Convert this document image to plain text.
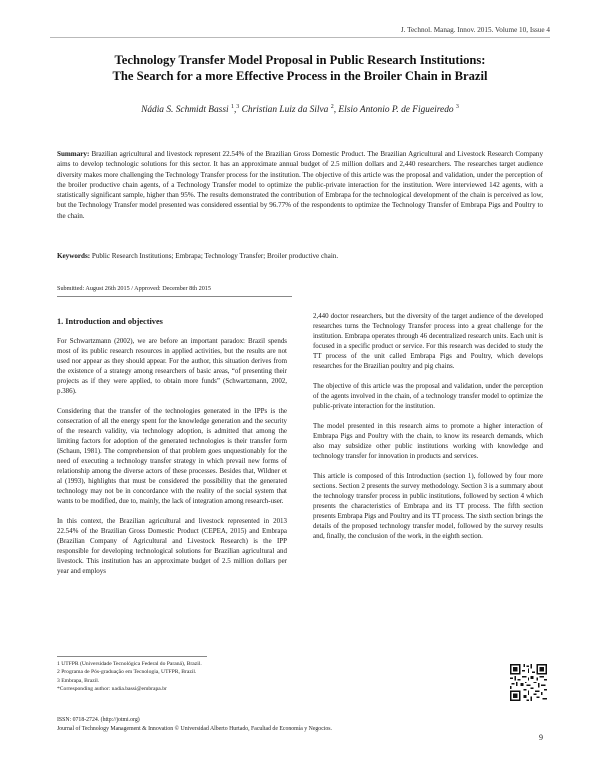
J. Technol. Manag. Innov. 2015. Volume 10, Issue 4
Technology Transfer Model Proposal in Public Research Institutions:
The Search for a more Effective Process in the Broiler Chain in Brazil
Nádia S. Schmidt Bassi $^1$,$^3$ Christian Luiz da Silva $^2$, Elsio Antonio P. de Figueiredo $^3$
Summary: Brazilian agricultural and livestock represent 22.54% of the Brazilian Gross Domestic Product. The Brazilian Agricultural and Livestock Research Company aims to develop technologic solutions for this sector. It has an approximate annual budget of 2.5 million dollars and 2,440 researchers. The researches target audience diversity makes more challenging the Technology Transfer process for the institution. The objective of this article was the proposal and validation, under the perception of the broiler productive chain agents, of a Technology Transfer model to optimize the public-private interaction for the institution. Were interviewed 142 agents, with a statistically significant sample, higher than 95%. The results demonstrated the contribution of Embrapa for the technological development of the chain is perceived as low, but the Technology Transfer model presented was considered essential by 96.77% of the respondents to optimize the Technology Transfer of Embrapa Pigs and Poultry to the chain.
Keywords: Public Research Institutions; Embrapa; Technology Transfer; Broiler productive chain.
Submitted: August 26th 2015 / Approved: December 8th 2015
1. Introduction and objectives

For Schwartzmann (2002), we are before an important paradox: Brazil spends most of its public research resources in applied activities, but the results are not used nor appear as they should appear. For the author, this situation derives from the existence of a strategy among researchers of basic areas, “of presenting their projects as if they were applied, to obtain more funds” (Schwartzmann, 2002, p.386).

Considering that the transfer of the technologies generated in the IPPs is the consecration of all the energy spent for the knowledge generation and the security of the research validity, via technology adoption, is admitted that among the limiting factors for adoption of the generated technologies is their transfer form (Schaun, 1981). The comprehension of that problem goes unquestionably for the need of executing a technology transfer strategy in which prevail new forms of relationship among the diverse actors of these processes. Besides that, Wildner et al (1993), highlights that must be considered the possibility that the generated technology may not be in concordance with the reality of the social system that wants to be modified, due to, mainly, the lack of integration among research-user.

In this context, the Brazilian agricultural and livestock represented in 2013 22.54% of the Brazilian Gross Domestic Product (CEPEA, 2015) and Embrapa (Brazilian Company of Agricultural and Livestock Research) is the IPP responsible for developing technological solutions for Brazilian agricultural and livestock. This institution has an approximate budget of 2.5 million dollars per year and employs

2,440 doctor researchers, but the diversity of the target audience of the developed researches turns the Technology Transfer process into a great challenge for the institution. Embrapa operates through 46 decentralized research units. Each unit is focused in a specific product or service. For this research was decided to study the TT process of the unit called Embrapa Pigs and Poultry, which develops researches for the Brazilian poultry and pig chains.

The objective of this article was the proposal and validation, under the perception of the agents involved in the chain, of a technology transfer model to optimize the public-private interaction for the institution.

The model presented in this research aims to promote a higher interaction of Embrapa Pigs and Poultry with the chain, to know its research demands, which also may subsidize other public institutions working with knowledge and technology transfer for innovation in products and services.

This article is composed of this Introduction (section 1), followed by four more sections. Section 2 presents the survey methodology. Section 3 is a summary about the technology transfer process in public institutions, followed by section 4 which presents the characteristics of Embrapa and its TT process. The fifth section presents Embrapa Pigs and Poultry and its TT process. The sixth section brings the details of the proposed technology transfer model, followed by the survey results and, finally, the conclusion of the work, in the eighth section.

1 UTFPR (Universidade Tecnológica Federal do Paraná), Brazil.
2 Programa de Pós-graduação em Tecnologia, UTFPR, Brazil.
3 Embrapa, Brazil.
*Corresponding author: nadia.bassi@embrapa.br
ISSN: 0718-2724. (http://jotmi.org)
Journal of Technology Management & Innovation © Universidad Alberto Hurtado, Facultad de Economía y Negocios.
9
